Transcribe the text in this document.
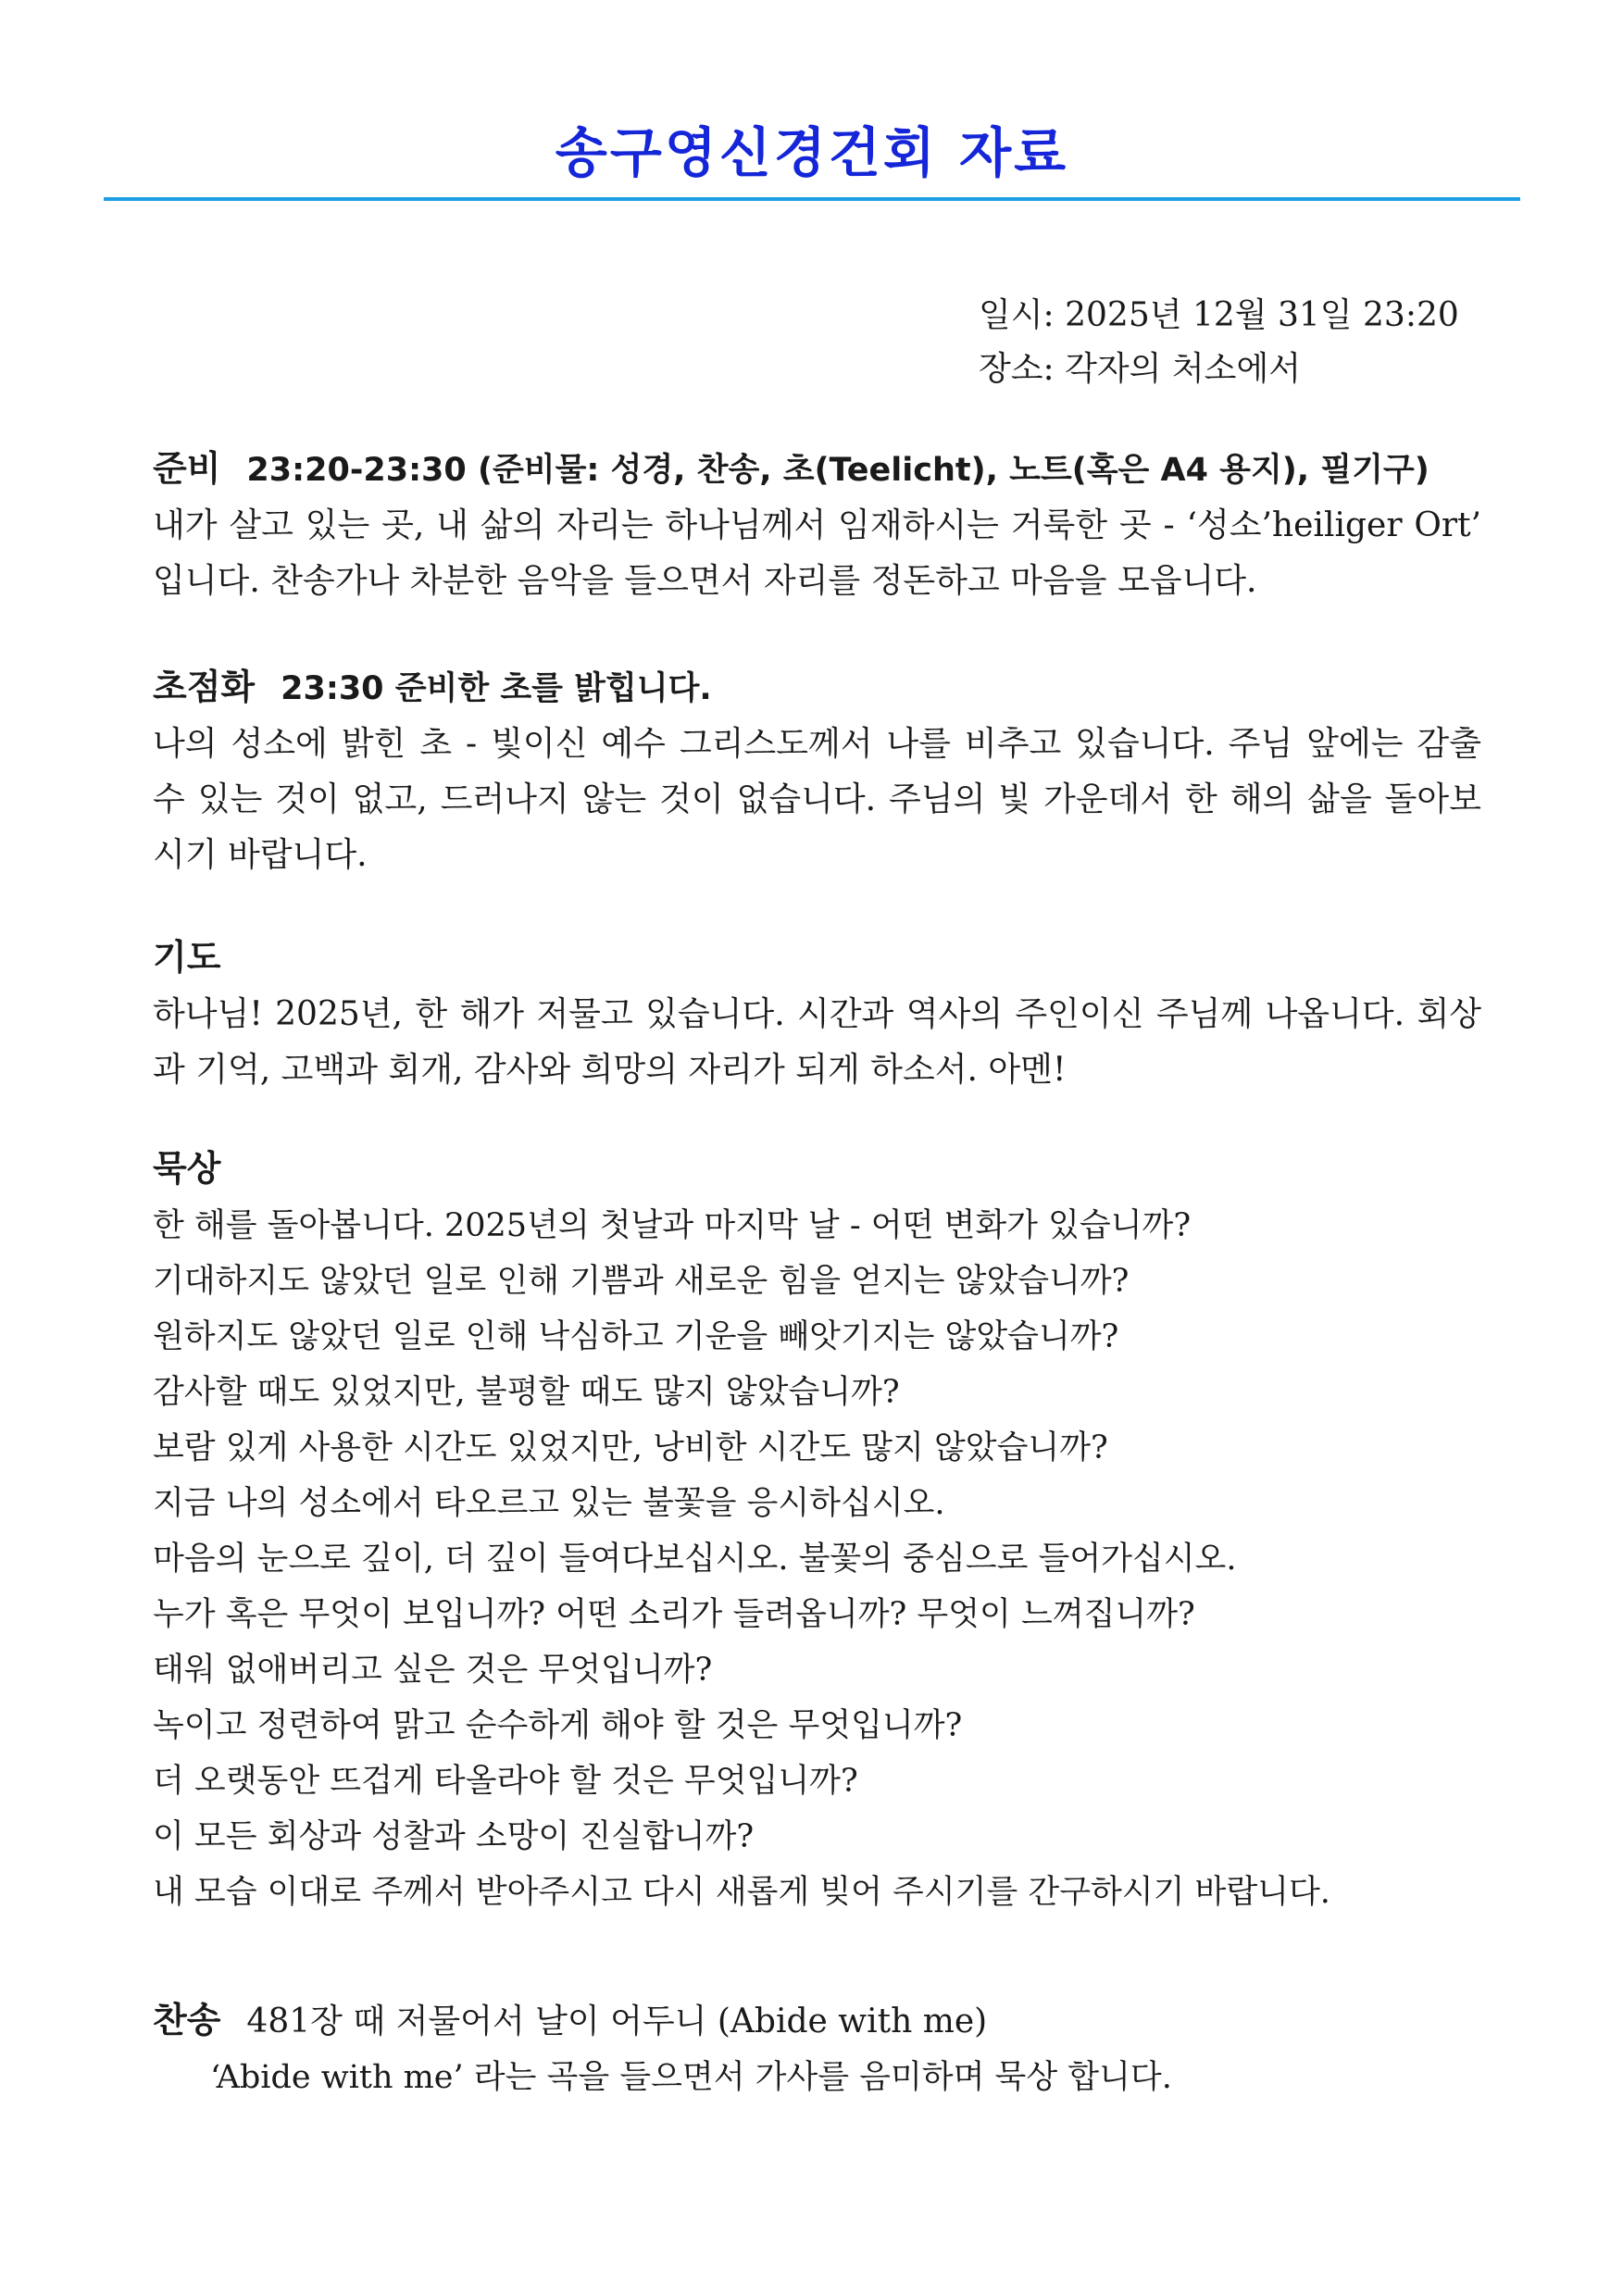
송구영신경건회 자료
일시: 2025년 12월 31일 23:20
장소: 각자의 처소에서
준비 23:20-23:30 (준비물: 성경, 찬송, 초(Teelicht), 노트(혹은 A4 용지), 필기구)

내가 살고 있는 곳, 내 삶의 자리는 하나님께서 임재하시는 거룩한 곳 - ‘성소’heiliger Ort’ 입니다. 찬송가나 차분한 음악을 들으면서 자리를 정돈하고 마음을 모읍니다.

초점화 23:30 준비한 초를 밝힙니다.

나의 성소에 밝힌 초 - 빛이신 예수 그리스도께서 나를 비추고 있습니다. 주님 앞에는 감출 수 있는 것이 없고, 드러나지 않는 것이 없습니다. 주님의 빛 가운데서 한 해의 삶을 돌아보시기 바랍니다.

기도

하나님! 2025년, 한 해가 저물고 있습니다. 시간과 역사의 주인이신 주님께 나옵니다. 회상과 기억, 고백과 회개, 감사와 희망의 자리가 되게 하소서. 아멘!

묵상
한 해를 돌아봅니다. 2025년의 첫날과 마지막 날 - 어떤 변화가 있습니까?
기대하지도 않았던 일로 인해 기쁨과 새로운 힘을 얻지는 않았습니까?
원하지도 않았던 일로 인해 낙심하고 기운을 빼앗기지는 않았습니까?
감사할 때도 있었지만, 불평할 때도 많지 않았습니까?
보람 있게 사용한 시간도 있었지만, 낭비한 시간도 많지 않았습니까?
지금 나의 성소에서 타오르고 있는 불꽃을 응시하십시오.
마음의 눈으로 깊이, 더 깊이 들여다보십시오. 불꽃의 중심으로 들어가십시오.
누가 혹은 무엇이 보입니까? 어떤 소리가 들려옵니까? 무엇이 느껴집니까?
태워 없애버리고 싶은 것은 무엇입니까?
녹이고 정련하여 맑고 순수하게 해야 할 것은 무엇입니까?
더 오랫동안 뜨겁게 타올라야 할 것은 무엇입니까?
이 모든 회상과 성찰과 소망이 진실합니까?
내 모습 이대로 주께서 받아주시고 다시 새롭게 빚어 주시기를 간구하시기 바랍니다.
찬송 481장 때 저물어서 날이 어두니 (Abide with me)
‘Abide with me’ 라는 곡을 들으면서 가사를 음미하며 묵상 합니다.
